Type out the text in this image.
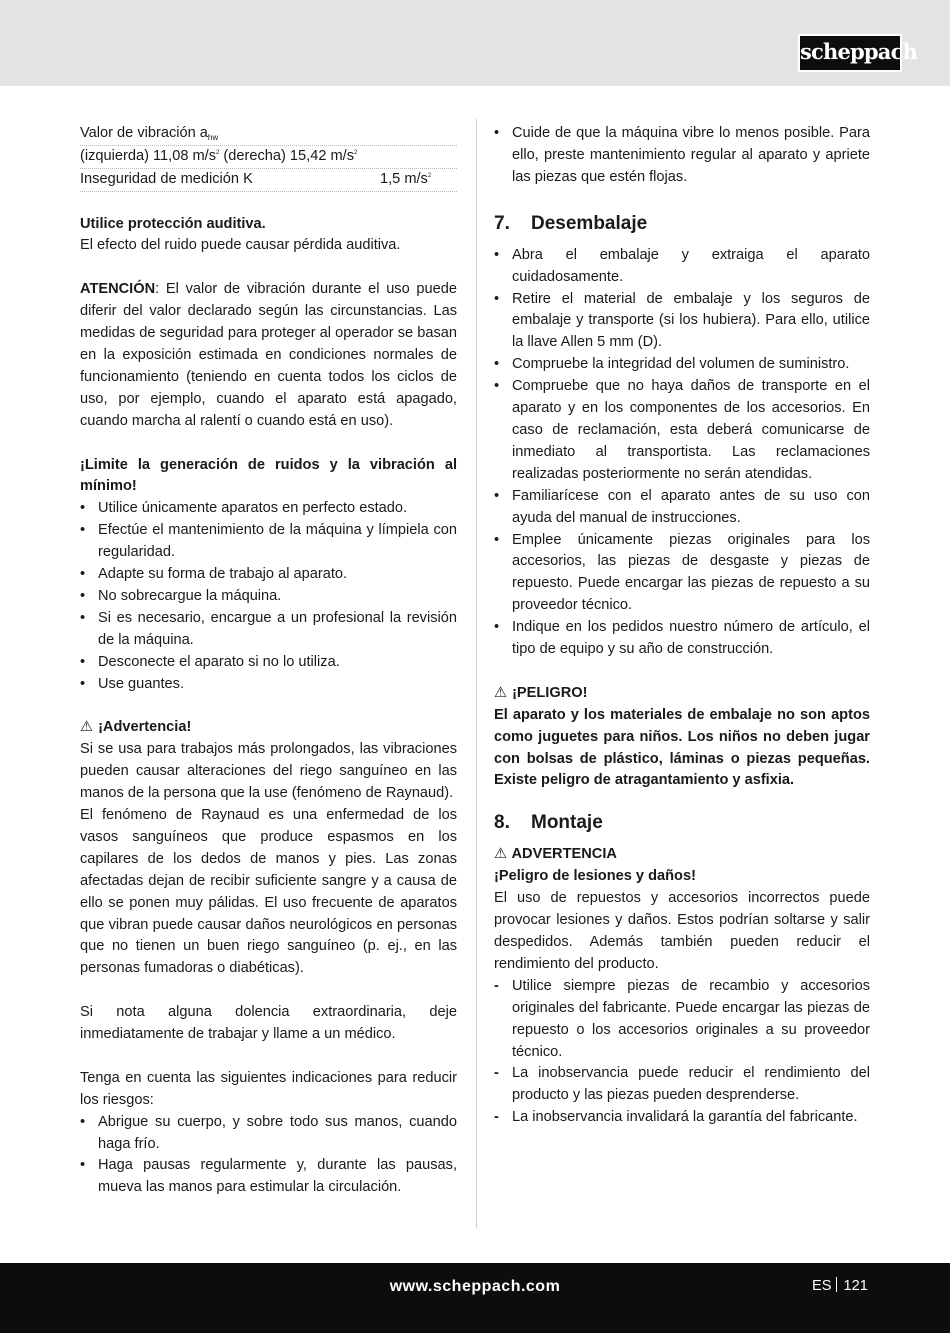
scheppach
Valor de vibración $a_{hw}$
(izquierda) 11,08 $m/s^2$ (derecha) 15,42 $m/s^2$
Inseguridad de medición K	1,5 $m/s^2$

Utilice protección auditiva.

El efecto del ruido puede causar pérdida auditiva.

ATENCIÓN: El valor de vibración durante el uso puede diferir del valor declarado según las circunstancias. Las medidas de seguridad para proteger al operador se basan en la exposición estimada en condiciones normales de funcionamiento (teniendo en cuenta todos los ciclos de uso, por ejemplo, cuando el aparato está apagado, cuando marcha al ralentí o cuando está en uso).

¡Limite la generación de ruidos y la vibración al mínimo!

• Utilice únicamente aparatos en perfecto estado.
• Efectúe el mantenimiento de la máquina y límpiela con regularidad.
• Adapte su forma de trabajo al aparato.
• No sobrecargue la máquina.
• Si es necesario, encargue a un profesional la revisión de la máquina.
• Desconecte el aparato si no lo utiliza.
• Use guantes.

⚠ ¡Advertencia!

Si se usa para trabajos más prolongados, las vibraciones pueden causar alteraciones del riego sanguíneo en las manos de la persona que la use (fenómeno de Raynaud).

El fenómeno de Raynaud es una enfermedad de los vasos sanguíneos que produce espasmos en los capilares de los dedos de manos y pies. Las zonas afectadas dejan de recibir suficiente sangre y a causa de ello se ponen muy pálidas. El uso frecuente de aparatos que vibran puede causar daños neurológicos en personas que no tienen un buen riego sanguíneo (p. ej., en las personas fumadoras o diabéticas).

Si nota alguna dolencia extraordinaria, deje inmediatamente de trabajar y llame a un médico.

Tenga en cuenta las siguientes indicaciones para reducir los riesgos:

• Abrigue su cuerpo, y sobre todo sus manos, cuando haga frío.
• Haga pausas regularmente y, durante las pausas, mueva las manos para estimular la circulación.
• Cuide de que la máquina vibre lo menos posible. Para ello, preste mantenimiento regular al aparato y apriete las piezas que estén flojas.
7. Desembalaje
• Abra el embalaje y extraiga el aparato cuidadosamente.
• Retire el material de embalaje y los seguros de embalaje y transporte (si los hubiera). Para ello, utilice la llave Allen 5 mm (D).
• Compruebe la integridad del volumen de suministro.
• Compruebe que no haya daños de transporte en el aparato y en los componentes de los accesorios. En caso de reclamación, esta deberá comunicarse de inmediato al transportista. Las reclamaciones realizadas posteriormente no serán atendidas.
• Familiarícese con el aparato antes de su uso con ayuda del manual de instrucciones.
• Emplee únicamente piezas originales para los accesorios, las piezas de desgaste y piezas de repuesto. Puede encargar las piezas de repuesto a su proveedor técnico.
• Indique en los pedidos nuestro número de artículo, el tipo de equipo y su año de construcción.

⚠ ¡PELIGRO!

El aparato y los materiales de embalaje no son aptos como juguetes para niños. Los niños no deben jugar con bolsas de plástico, láminas o piezas pequeñas. Existe peligro de atragantamiento y asfixia.

8. Montaje

⚠ ADVERTENCIA

¡Peligro de lesiones y daños!

El uso de repuestos y accesorios incorrectos puede provocar lesiones y daños. Estos podrían soltarse y salir despedidos. Además también pueden reducir el rendimiento del producto.

- Utilice siempre piezas de recambio y accesorios originales del fabricante. Puede encargar las piezas de repuesto o los accesorios originales a su proveedor técnico.
- La inobservancia puede reducir el rendimiento del producto y las piezas pueden desprenderse.
- La inobservancia invalidará la garantía del fabricante.
www.scheppach.com	ES 121
